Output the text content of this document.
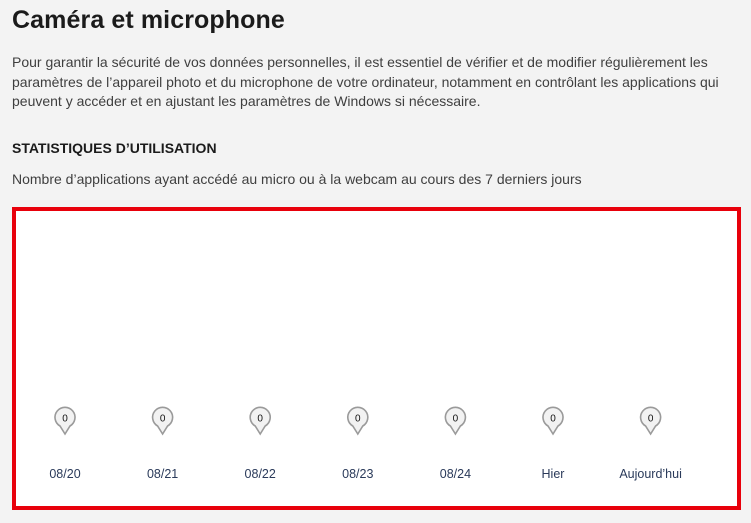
Caméra et microphone
Pour garantir la sécurité de vos données personnelles, il est essentiel de vérifier et de modifier régulièrement les paramètres de l’appareil photo et du microphone de votre ordinateur, notamment en contrôlant les applications qui peuvent y accéder et en ajustant les paramètres de Windows si nécessaire.
STATISTIQUES D’UTILISATION
Nombre d’applications ayant accédé au micro ou à la webcam au cours des 7 derniers jours
0
08/20
0
08/21
0
08/22
0
08/23
0
08/24
0
Hier
0
Aujourd’hui
